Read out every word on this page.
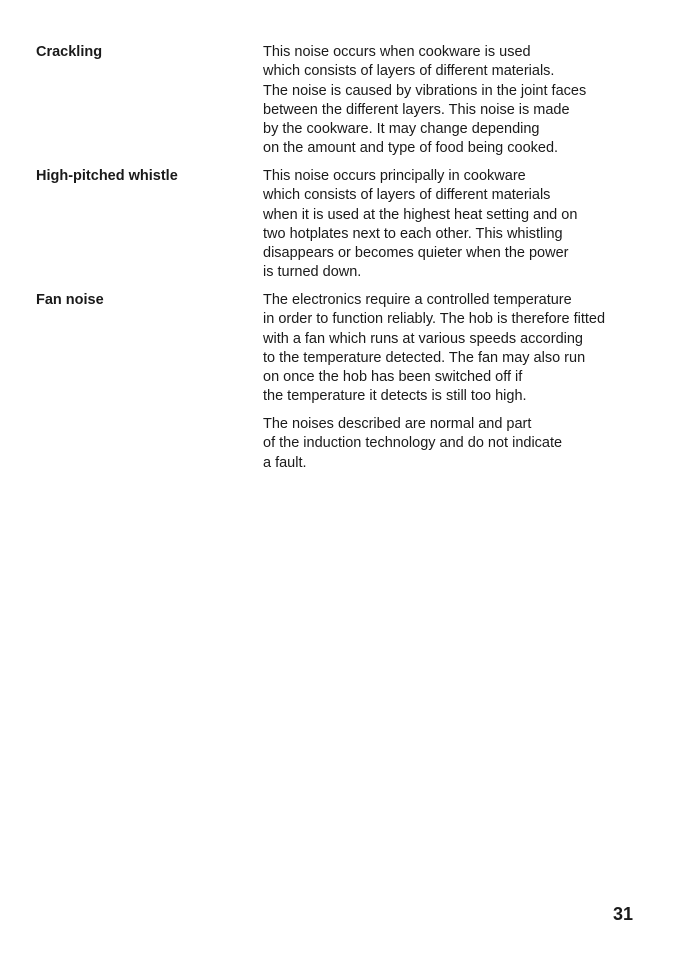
Crackling	This noise occurs when cookware is used
which consists of layers of different materials.
The noise is caused by vibrations in the joint faces
between the different layers. This noise is made
by the cookware. It may change depending
on the amount and type of food being cooked.
High-pitched whistle	This noise occurs principally in cookware
which consists of layers of different materials
when it is used at the highest heat setting and on
two hotplates next to each other. This whistling
disappears or becomes quieter when the power
is turned down.
Fan noise	The electronics require a controlled temperature
in order to function reliably. The hob is therefore fitted
with a fan which runs at various speeds according
to the temperature detected. The fan may also run
on once the hob has been switched off if
the temperature it detects is still too high.
The noises described are normal and part
of the induction technology and do not indicate
a fault.
31
